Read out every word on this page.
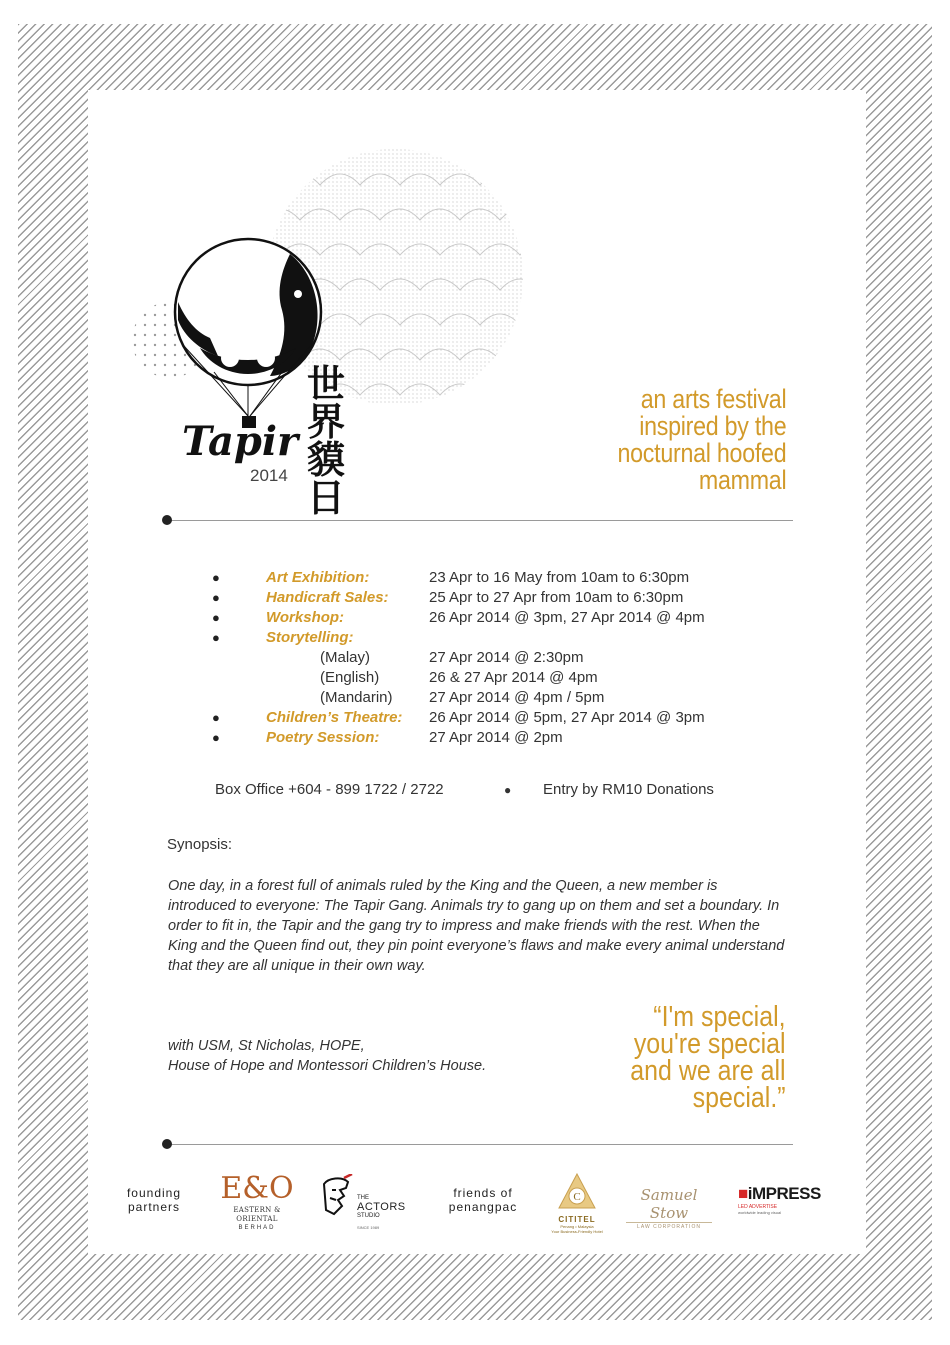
Tapir
2014
世
界
貘
日
an arts festival
inspired by the
nocturnal hoofed
mammal
●	Art Exhibition:	23 Apr to 16 May from 10am to 6:30pm
●	Handicraft Sales:	25 Apr to 27 Apr from 10am to 6:30pm
●	Workshop:	26 Apr 2014 @ 3pm, 27 Apr 2014 @ 4pm
●	Storytelling:
(Malay)	27 Apr 2014 @ 2:30pm
(English)	26 & 27 Apr 2014 @ 4pm
(Mandarin) 27 Apr 2014 @ 4pm / 5pm
●	Children’s Theatre: 26 Apr 2014 @ 5pm, 27 Apr 2014 @ 3pm
●	Poetry Session:	27 Apr 2014 @ 2pm
Box Office +604 - 899 1722 / 2722	● Entry by RM10 Donations
Synopsis:
One day, in a forest full of animals ruled by the King and the Queen, a new member is introduced to everyone: The Tapir Gang. Animals try to gang up on them and set a boundary. In order to fit in, the Tapir and the gang try to impress and make friends with the rest. When the King and the Queen find out, they pin point everyone’s flaws and make every animal understand that they are all unique in their own way.
with USM, St Nicholas, HOPE,
House of Hope and Montessori Children’s House.
“I'm special,
you're special
and we are all
special.”
founding
partners
E&O
EASTERN & ORIENTAL
BERHAD
THE
ACTORS
STUDIO
SINCE 1989
friends of
penangpac
C
CITITEL
Penang • Malaysia
Your Business-Friendly Hotel
Samuel Stow
LAW CORPORATION
■iMPRESS
LED ADVERTISE
worldwide leading visual
